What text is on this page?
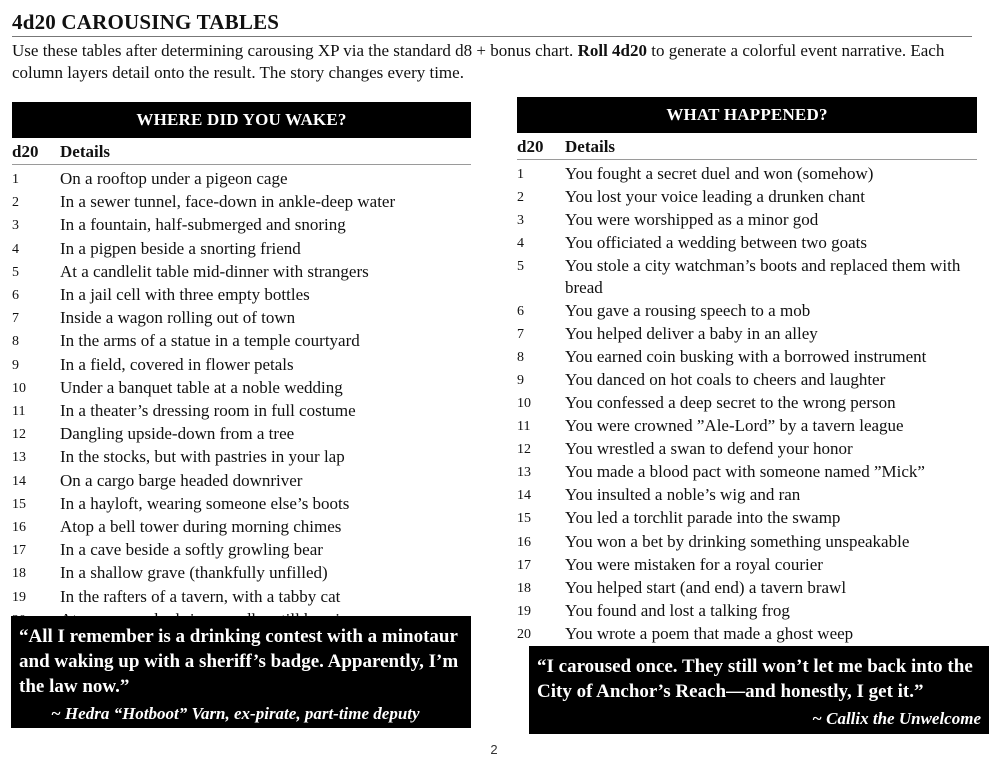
4d20 CAROUSING TABLES
Use these tables after determining carousing XP via the standard d8 + bonus chart. Roll 4d20 to generate a colorful event narrative. Each column layers detail onto the result. The story changes every time.
WHERE DID YOU WAKE?
d20	Details
1	On a rooftop under a pigeon cage
2	In a sewer tunnel, face-down in ankle-deep water
3	In a fountain, half-submerged and snoring
4	In a pigpen beside a snorting friend
5	At a candlelit table mid-dinner with strangers
6	In a jail cell with three empty bottles
7	Inside a wagon rolling out of town
8	In the arms of a statue in a temple courtyard
9	In a field, covered in flower petals
10	Under a banquet table at a noble wedding
11	In a theater’s dressing room in full costume
12	Dangling upside-down from a tree
13	In the stocks, but with pastries in your lap
14	On a cargo barge headed downriver
15	In a hayloft, wearing someone else’s boots
16	Atop a bell tower during morning chimes
17	In a cave beside a softly growling bear
18	In a shallow grave (thankfully unfilled)
19	In the rafters of a tavern, with a tabby cat
WHAT HAPPENED?
d20	Details
1	You fought a secret duel and won (somehow)
2	You lost your voice leading a drunken chant
3	You were worshipped as a minor god
4	You officiated a wedding between two goats
5	You stole a city watchman’s boots and replaced them with bread
6	You gave a rousing speech to a mob
7	You helped deliver a baby in an alley
8	You earned coin busking with a borrowed instrument
9	You danced on hot coals to cheers and laughter
10	You confessed a deep secret to the wrong person
11	You were crowned ”Ale-Lord” by a tavern league
12	You wrestled a swan to defend your honor
13	You made a blood pact with someone named ”Mick”
14	You insulted a noble’s wig and ran
15	You led a torchlit parade into the swamp
16	You won a bet by drinking something unspeakable
17	You were mistaken for a royal courier
18	You helped start (and end) a tavern brawl
19	You found and lost a talking frog
20	You wrote a poem that made a ghost weep
“All I remember is a drinking contest with a minotaur and waking up with a sheriff’s badge. Apparently, I’m the law now.”
~ Hedra “Hotboot” Varn, ex-pirate, part-time deputy
“I caroused once. They still won’t let me back into the City of Anchor’s Reach—and honestly, I get it.”
~ Callix the Unwelcome
2
